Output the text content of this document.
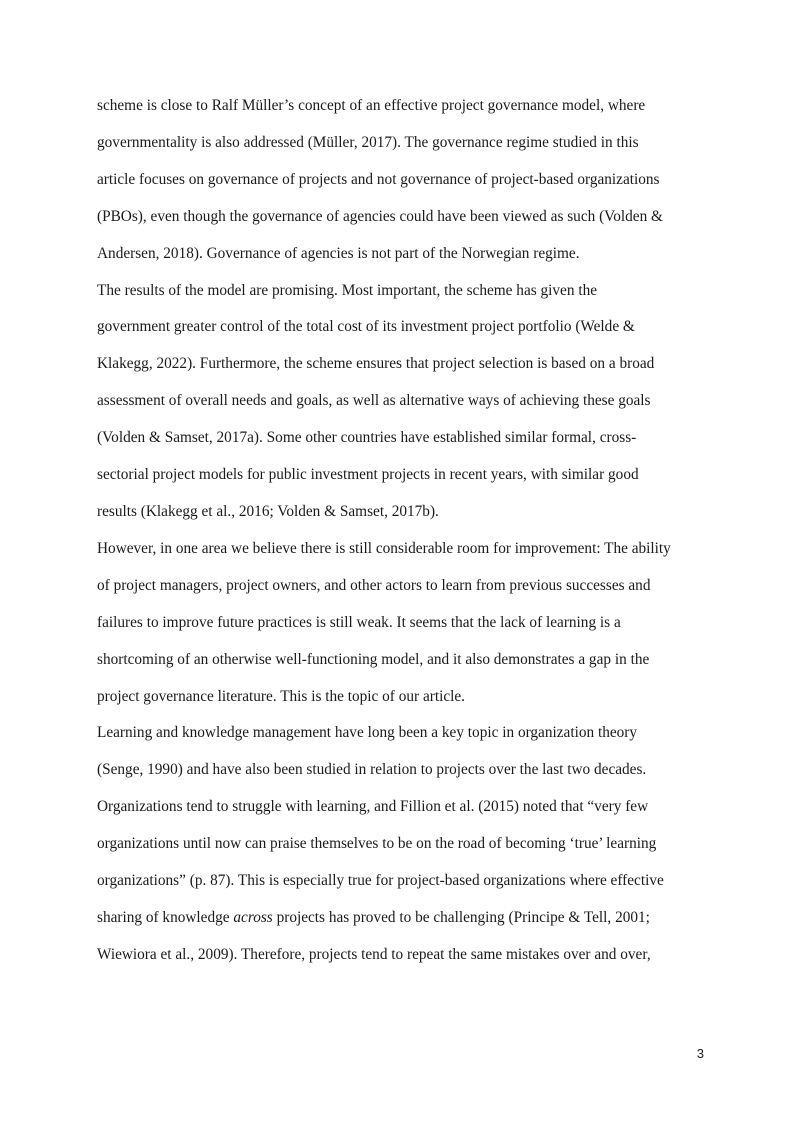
scheme is close to Ralf Müller’s concept of an effective project governance model, where
governmentality is also addressed (Müller, 2017). The governance regime studied in this
article focuses on governance of projects and not governance of project-based organizations
(PBOs), even though the governance of agencies could have been viewed as such (Volden &
Andersen, 2018). Governance of agencies is not part of the Norwegian regime.

The results of the model are promising. Most important, the scheme has given the
government greater control of the total cost of its investment project portfolio (Welde &
Klakegg, 2022). Furthermore, the scheme ensures that project selection is based on a broad
assessment of overall needs and goals, as well as alternative ways of achieving these goals
(Volden & Samset, 2017a). Some other countries have established similar formal, cross-
sectorial project models for public investment projects in recent years, with similar good
results (Klakegg et al., 2016; Volden & Samset, 2017b).

However, in one area we believe there is still considerable room for improvement: The ability
of project managers, project owners, and other actors to learn from previous successes and
failures to improve future practices is still weak. It seems that the lack of learning is a
shortcoming of an otherwise well-functioning model, and it also demonstrates a gap in the
project governance literature. This is the topic of our article.

Learning and knowledge management have long been a key topic in organization theory
(Senge, 1990) and have also been studied in relation to projects over the last two decades.
Organizations tend to struggle with learning, and Fillion et al. (2015) noted that “very few
organizations until now can praise themselves to be on the road of becoming ‘true’ learning
organizations” (p. 87). This is especially true for project-based organizations where effective
sharing of knowledge across projects has proved to be challenging (Principe & Tell, 2001;
Wiewiora et al., 2009). Therefore, projects tend to repeat the same mistakes over and over,

3
